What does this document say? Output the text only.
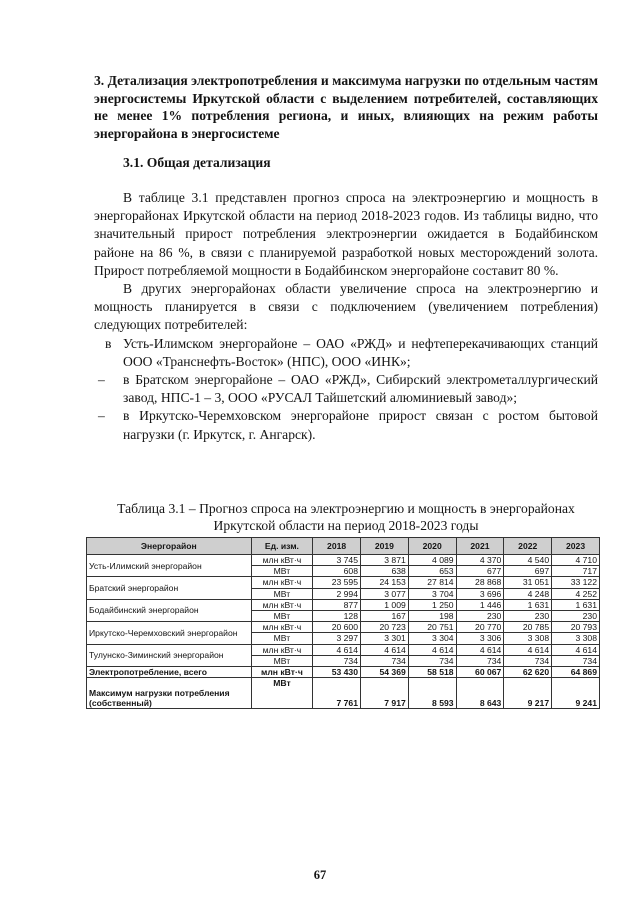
3. Детализация электропотребления и максимума нагрузки по отдельным частям энергосистемы Иркутской области с выделением потребителей, составляющих не менее 1% потребления региона, и иных, влияющих на режим работы энергорайона в энергосистеме

3.1. Общая детализация

В таблице 3.1 представлен прогноз спроса на электроэнергию и мощность в энергорайонах Иркутской области на период 2018-2023 годов. Из таблицы видно, что значительный прирост потребления электроэнергии ожидается в Бодайбинском районе на 86 %, в связи с планируемой разработкой новых месторождений золота. Прирост потребляемой мощности в Бодайбинском энергорайоне составит 80 %.

В других энергорайонах области увеличение спроса на электроэнергию и мощность планируется в связи с подключением (увеличением потребления) следующих потребителей:

в Усть-Илимском энергорайоне – ОАО «РЖД» и нефтеперекачивающих станций ООО «Транснефть-Восток» (НПС), ООО «ИНК»;
– в Братском энергорайоне – ОАО «РЖД», Сибирский электрометаллургический завод, НПС-1 – 3, ООО «РУСАЛ Тайшетский алюминиевый завод»;
– в Иркутско-Черемховском энергорайоне прирост связан с ростом бытовой нагрузки (г. Иркутск, г. Ангарск).

Таблица 3.1 – Прогноз спроса на электроэнергию и мощность в энергорайонах Иркутской области на период 2018-2023 годы

Энергорайон	Ед. изм.	2018	2019	2020	2021	2022	2023
Усть-Илимский энергорайон	млн кВт·ч	3 745	3 871	4 089	4 370	4 540	4 710
	МВт	608	638	653	677	697	717
Братский энергорайон	млн кВт·ч	23 595	24 153	27 814	28 868	31 051	33 122
	МВт	2 994	3 077	3 704	3 696	4 248	4 252
Бодайбинский энергорайон	млн кВт·ч	877	1 009	1 250	1 446	1 631	1 631
	МВт	128	167	198	230	230	230
Иркутско-Черемховский энергорайон	млн кВт·ч	20 600	20 723	20 751	20 770	20 785	20 793
	МВт	3 297	3 301	3 304	3 306	3 308	3 308
Тулунско-Зиминский энергорайон	млн кВт·ч	4 614	4 614	4 614	4 614	4 614	4 614
	МВт	734	734	734	734	734	734
Электропотребление, всего	млн кВт·ч	53 430	54 369	58 518	60 067	62 620	64 869
Максимум нагрузки потребления (собственный)	МВт	7 761	7 917	8 593	8 643	9 217	9 241

67
